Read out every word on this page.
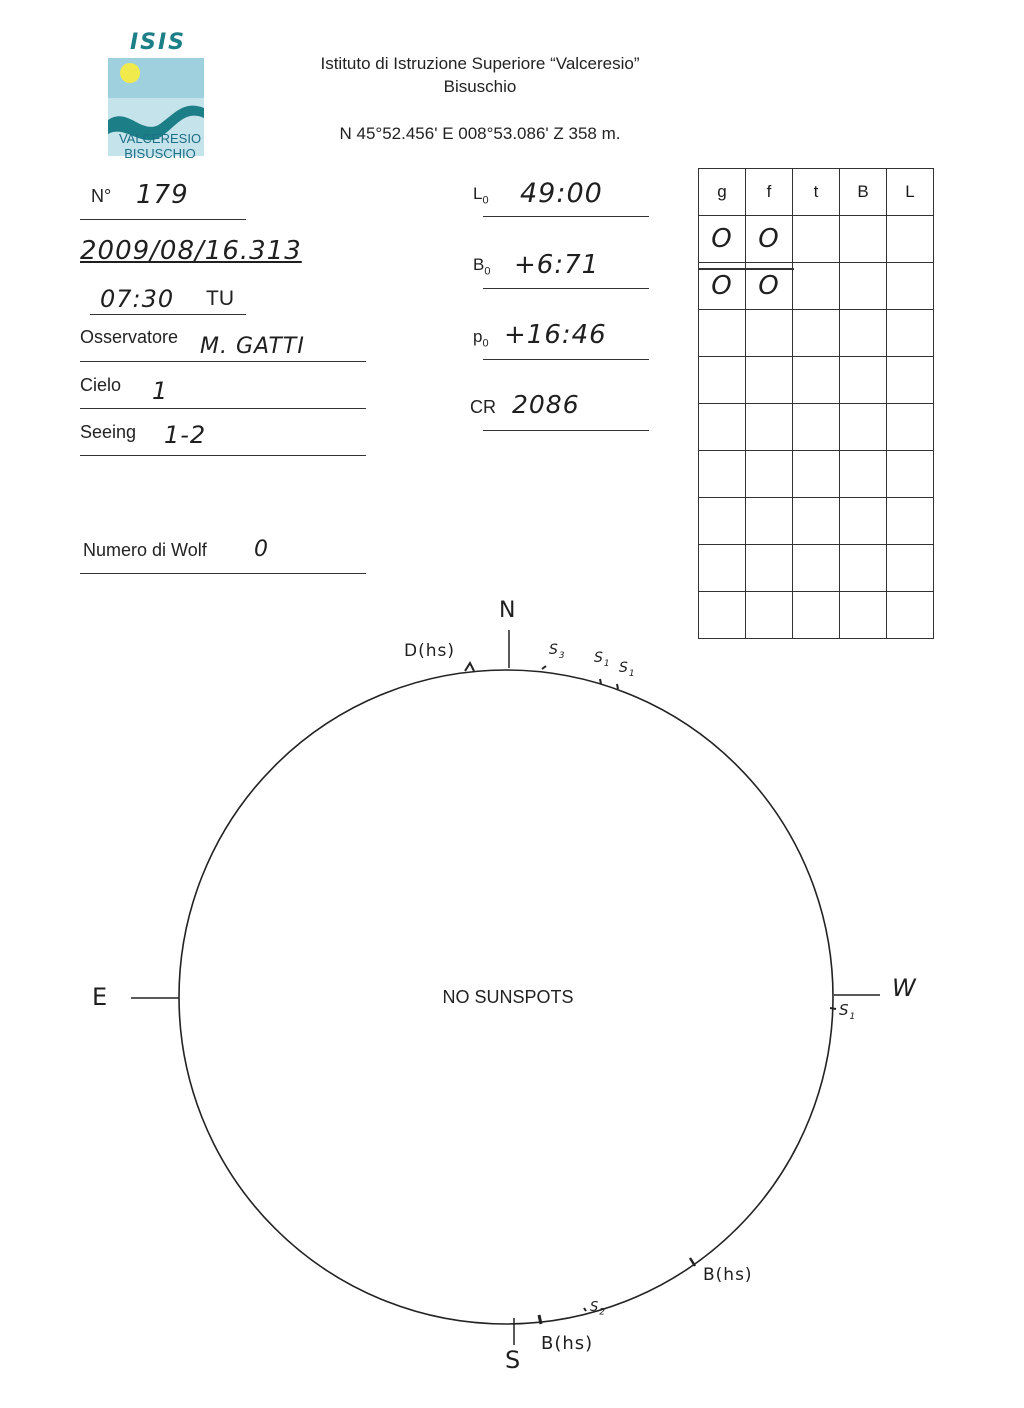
ISIS
VALCERESIO
BISUSCHIO
Istituto di Istruzione Superiore “Valceresio”
Bisuschio
N 45°52.456' E 008°53.086' Z 358 m.
N° 179
2009/08/16.313
07:30 TU
Osservatore M. GATTI
Cielo 1
Seeing 1-2
Numero di Wolf 0
$L_0$ 49:00
$B_0$ +6:71
$p_0$ +16:46
CR 2086
g	f	t	B	L
O	O			
O	O			

N
S
E	W
NO SUNSPOTS
D(hs)	$S_3$ $S_1$ $S_1$
$S_1$
B(hs)
$S_2$
B(hs)
